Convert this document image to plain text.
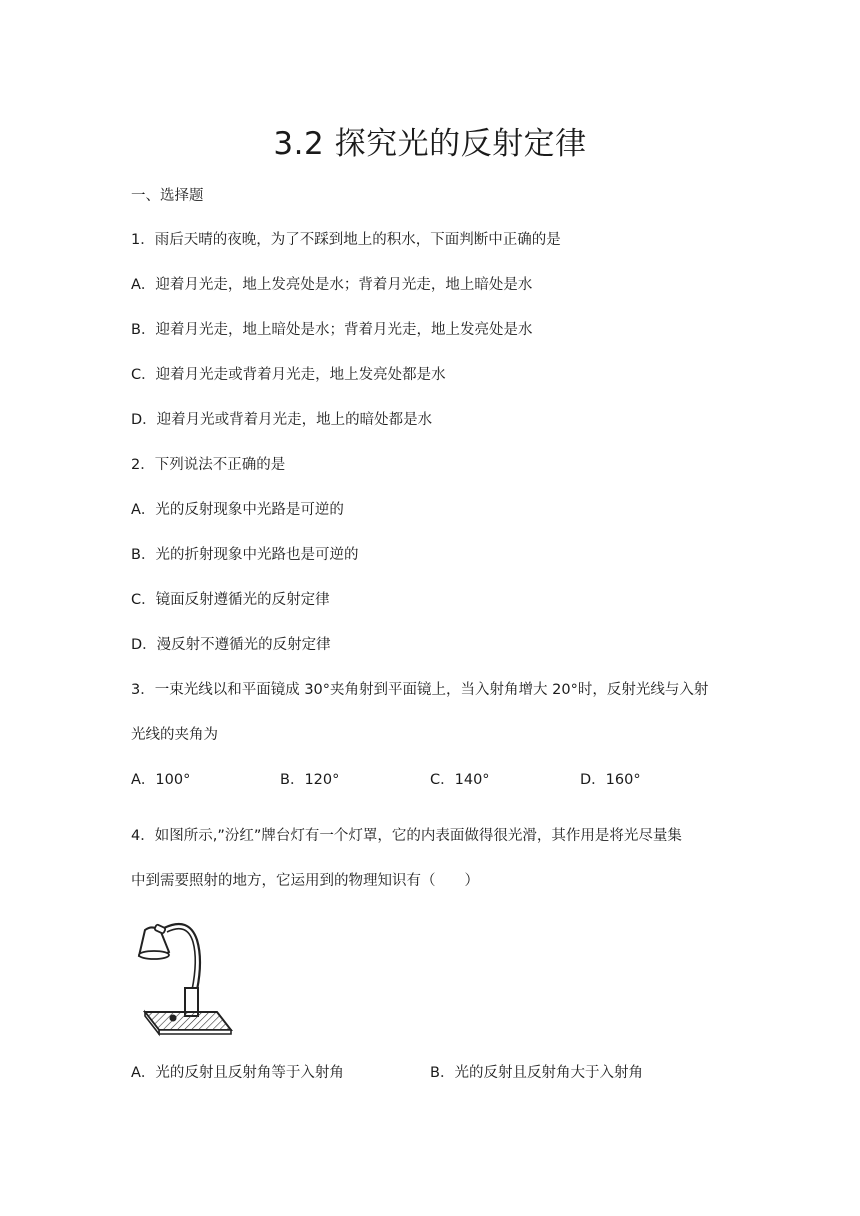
3.2 探究光的反射定律
一、选择题
1．雨后天晴的夜晚，为了不踩到地上的积水，下面判断中正确的是
A．迎着月光走，地上发亮处是水；背着月光走，地上暗处是水
B．迎着月光走，地上暗处是水；背着月光走，地上发亮处是水
C．迎着月光走或背着月光走，地上发亮处都是水
D．迎着月光或背着月光走，地上的暗处都是水
2．下列说法不正确的是
A．光的反射现象中光路是可逆的
B．光的折射现象中光路也是可逆的
C．镜面反射遵循光的反射定律
D．漫反射不遵循光的反射定律
3．一束光线以和平面镜成 30°夹角射到平面镜上，当入射角增大 20°时，反射光线与入射
光线的夹角为
A．100°	B．120°	C．140°	D．160°
4．如图所示,”汾红”牌台灯有一个灯罩，它的内表面做得很光滑，其作用是将光尽量集
中到需要照射的地方，它运用到的物理知识有（　　）
A．光的反射且反射角等于入射角	B．光的反射且反射角大于入射角
